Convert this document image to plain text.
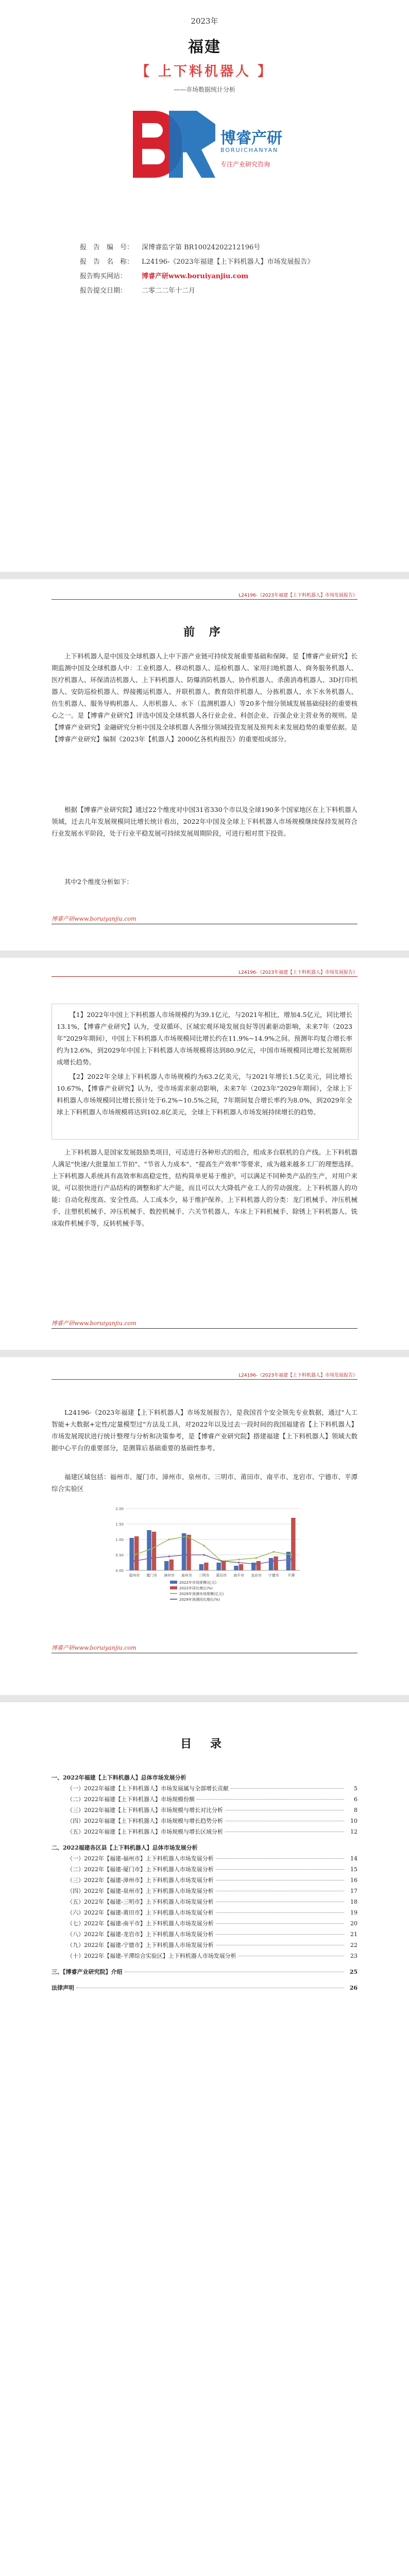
2023年
福建
【 上下料机器人 】
——市场数据统计分析
博睿产研
BORUICHANYAN
专注产业研究咨询
报　告　编　号：	深博睿监字第 BR10024202212196号
报　告　名　称：	L24196-《2023年福建【上下料机器人】市场发展报告》
报告购买网站：	博睿产研www.boruiyanjiu.com
报告提交日期：	二零二二年十二月
L24196-《2023年福建【上下料机器人】市场发展报告》
前 序
上下料机器人是中国及全球机器人上中下游产业链可持续发展重要基础和保障。是【博睿产业研究】长期监测中国及全球机器人中：工业机器人、移动机器人、巡检机器人、家用扫地机器人、商务服务机器人、医疗机器人、环保清洁机器人、上下料机器人、防爆消防机器人、协作机器人、杀菌消毒机器人、3D打印机器人、安防巡检机器人、焊接搬运机器人、并联机器人、教育陪伴机器人、分拣机器人、水下水务机器人、仿生机器人、服务导购机器人、人形机器人、水下（监测机器人）等20多个细分领域发展基础侵轻的重要核心之一。是【博睿产业研究】评选中国及全球机器人各行业企业、科创企业、百强企业主营业务的规则。是【博睿产业研究】金融研究分析中国及全球机器人各细分领域投资发展及预判未来发展趋势的重要依据。是【博睿产业研究】编制《2023年【机器人】2000亿各机构报告》的重要组成部分。
根据【博睿产业研究院】通过22个维度对中国31省330个市以及全球190多个国家地区在上下料机器人领域，迁去几年发展规模同比增长统计看出，2022年中国及全球上下料机器人市场规模继续保持发展符合行业发展水平阶段，处于行业平稳发展可持续发展周期阶段，可进行相对贯下投资。
其中2个维度分析如下：
博睿产研www.boruiyanjiu.com
L24196-《2023年福建【上下料机器人】市场发展报告》
【1】2022年中国上下料机器人市场规模约为39.1亿元，与2021年相比，增加4.5亿元，同比增长13.1%，【博睿产业研究】认为，受双循环、区域宏观环境发展良好等因素驱动影响，未来7年（2023年"2029年期间），中国上下料机器人市场规模同比增长约在11.9%~14.9%之间。预测年均复合增长率约为12.6%，到2029年中国上下料机器人市场规模将达到80.9亿元，中国市场规模同比增长发展期形成增长趋势。
【2】2022年全球上下料机器人市场规模约为63.2亿美元，与2021年增长1.5亿美元，同比增长10.67%，【博睿产业研究】认为，受市场需求驱动影响，未来7年（2023年"2029年期间），全球上下料机器人市场规模同比增长预计处于6.2%~10.5%之间，7年期间复合增长率约为8.0%，到2029年全球上下料机器人市场规模将达到102.8亿美元，全球上下料机器人市场发展持续增长的趋势。
上下料机器人是国家发展鼓励类项目，可适进行各种形式的组合，组成多台联机的自产线。上下料机器人满足"快速/大批量加工节拍"、"节省人力成本"、"提高生产效率"等要求，成为越来越多工厂的理想选择。上下料机器人系统具有高效率和高稳定性，结构简单更易于维护，可以满足不同种类产品的生产，对用户来说，可以很快进行产品结构的调整和扩大产能，而且可以大大降低产业工人的劳动强度。上下料机器人的功能：自动化程度高、安全性高、人工成本少，易于维护保养。上下料机器人的分类：龙门机械手、冲压机械手、注塑机机械手、冲压机械手、数控机械手、六关节机器人、车床上下料机械手、除锈上下料机器人、铣床取件机械手等，反转机械手等。
博睿产研www.boruiyanjiu.com
L24196-《2023年福建【上下料机器人】市场发展报告》
L24196-《2023年福建【上下料机器人】市场发展报告》，是我国首个安全领先专业数据，通过"人工智能+大数据+定性/定量模型过"方法及工具，对2022年以及过去一段时间的我国福建省【上下料机器人】市场发展现状进行统计整理与分析和决策参考，是【博睿产业研究院】搭建福建【上下料机器人】领域大数据中心平台的重要部分，是测算后基础重要的基础性参考。
福建区域包括：福州市、厦门市、漳州市、泉州市、三明市、莆田市、南平市、龙岩市、宁德市、平潭综合实验区
0.00
0.50
1.00
1.50
2.00
福州市 厦门市 漳州市 泉州市 三明市 莆田市 南平市 龙岩市 宁德市 平潭
2022年市场规模(亿元)
2022年同比增长(%)
2029年预测市场规模(亿元)
2029年预测同比增长(%)
博睿产研www.boruiyanjiu.com
目 录
一、2022年福建【上下料机器人】总体市场发展分析
（一）2022年福建【上下料机器人】市场发展属与全部增长贡献	5
（二）2022年福建【上下料机器人】市场规模份额	6
（三）2022年福建【上下料机器人】市场规模与增长对比分析	8
（四）2022年福建【上下料机器人】市场规模与增长趋势分析	10
（五）2022年福建【上下料机器人】市场规模与增长区域分析	12
二、2022福建各区县【上下料机器人】总体市场发展分析
（一）2022年【福建-福州市】上下料机器人市场发展分析	14
（二）2022年【福建-厦门市】上下料机器人市场发展分析	15
（三）2022年【福建-漳州市】上下料机器人市场发展分析	16
（四）2022年【福建-泉州市】上下料机器人市场发展分析	17
（五）2022年【福建-三明市】上下料机器人市场发展分析	18
（六）2022年【福建-莆田市】上下料机器人市场发展分析	19
（七）2022年【福建-南平市】上下料机器人市场发展分析	20
（八）2022年【福建-龙岩市】上下料机器人市场发展分析	21
（九）2022年【福建-宁德市】上下料机器人市场发展分析	22
（十）2022年【福建-平潭综合实验区】上下料机器人市场发展分析	23
三、【博睿产业研究院】介绍	25
法律声明	26
